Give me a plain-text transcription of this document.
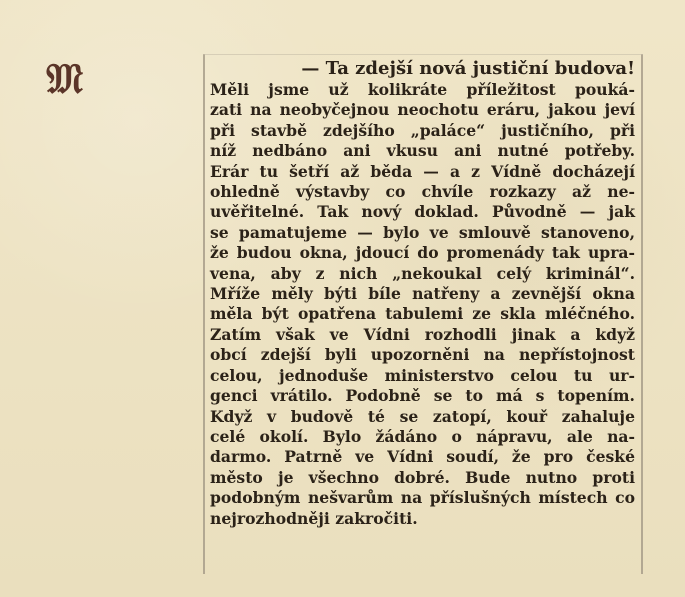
𝔐	— Ta zdejší nová justiční budova!
Měli jsme už kolikráte příležitost pouká-
zati na neobyčejnou neochotu eráru, jakou jeví
při stavbě zdejšího „paláce“ justičního, při
níž nedbáno ani vkusu ani nutné potřeby.
Erár tu šetří až běda — a z Vídně docházejí
ohledně výstavby co chvíle rozkazy až ne-
uvěřitelné. Tak nový doklad. Původně — jak
se pamatujeme — bylo ve smlouvě stanoveno,
že budou okna, jdoucí do promenády tak upra-
vena, aby z nich „nekoukal celý kriminál“.
Mříže měly býti bíle natřeny a zevnější okna
měla být opatřena tabulemi ze skla mléčného.
Zatím však ve Vídni rozhodli jinak a když
obcí zdejší byli upozorněni na nepřístojnost
celou, jednoduše ministerstvo celou tu ur-
genci vrátilo. Podobně se to má s topením.
Když v budově té se zatopí, kouř zahaluje
celé okolí. Bylo žádáno o nápravu, ale na-
darmo. Patrně ve Vídni soudí, že pro české
město je všechno dobré. Bude nutno proti
podobným nešvarům na příslušných místech co
nejrozhodněji zakročiti.
